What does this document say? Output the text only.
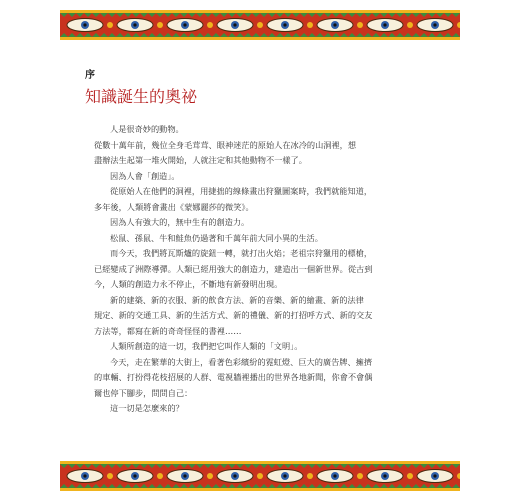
序

知識誕生的奧祕
人是很奇妙的動物。
從數十萬年前，幾位全身毛茸茸、眼神迷茫的原始人在冰冷的山洞裡，想
盡辦法生起第一堆火開始，人就注定和其他動物不一樣了。
因為人會「創造」。
從原始人在他們的洞裡，用捷拙的線條畫出狩獵圖案時，我們就能知道，
多年後，人類將會畫出《蒙娜麗莎的微笑》。
因為人有強大的，無中生有的創造力。
松鼠、孫鼠、牛和鮭魚仍過著和千萬年前大同小異的生活。
而今天，我們將瓦斯爐的旋鈕一轉，就打出火焰；老祖宗狩獵用的標槍，
已經變成了洲際導彈。人類已經用強大的創造力，建造出一個新世界。從古到
今，人類的創造力永不停止，不斷地有新發明出現。
新的建築、新的衣服、新的飲食方法、新的音樂、新的繪畫、新的法律
規定、新的交通工具、新的生活方式、新的禮儀、新的打招呼方式、新的交友
方法等，都寫在新的奇奇怪怪的書裡……
人類所創造的這一切，我們把它叫作人類的「文明」。
今天，走在繁華的大街上，看著色彩繽紛的霓虹燈、巨大的廣告牌、擁擠
的車輛、打扮得花枝招展的人群、電視牆裡播出的世界各地新聞，你會不會偶
爾也停下腳步，問問自己：
這一切是怎麼來的？
